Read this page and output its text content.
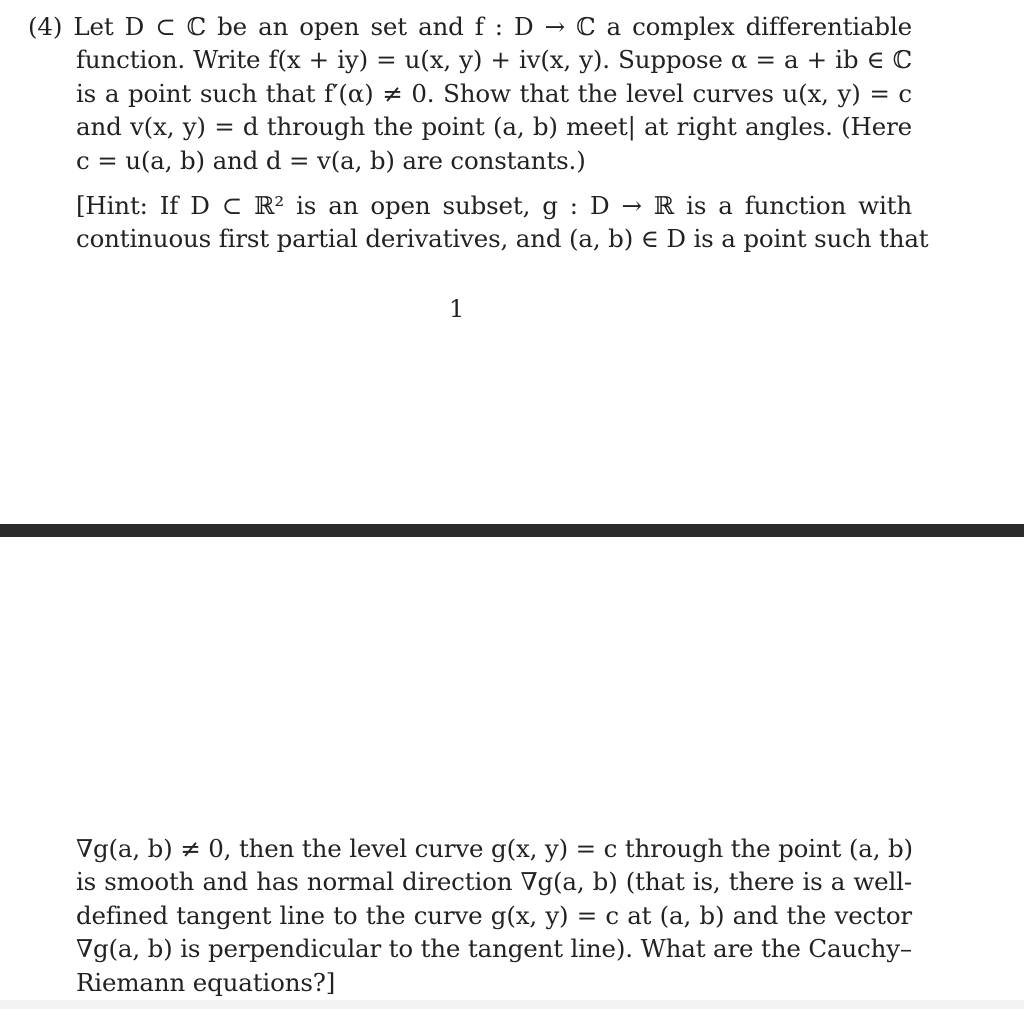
(4) Let D ⊂ ℂ be an open set and f : D → ℂ a complex differentiable
function. Write f(x + iy) = u(x, y) + iv(x, y). Suppose α = a + ib ∈ ℂ
is a point such that f′(α) ≠ 0. Show that the level curves u(x, y) = c
and v(x, y) = d through the point (a, b) meet| at right angles. (Here
c = u(a, b) and d = v(a, b) are constants.)
[Hint: If D ⊂ ℝ² is an open subset, g : D → ℝ is a function with
continuous first partial derivatives, and (a, b) ∈ D is a point such that
1
∇g(a, b) ≠ 0, then the level curve g(x, y) = c through the point (a, b)
is smooth and has normal direction ∇g(a, b) (that is, there is a well-
defined tangent line to the curve g(x, y) = c at (a, b) and the vector
∇g(a, b) is perpendicular to the tangent line). What are the Cauchy–
Riemann equations?]
